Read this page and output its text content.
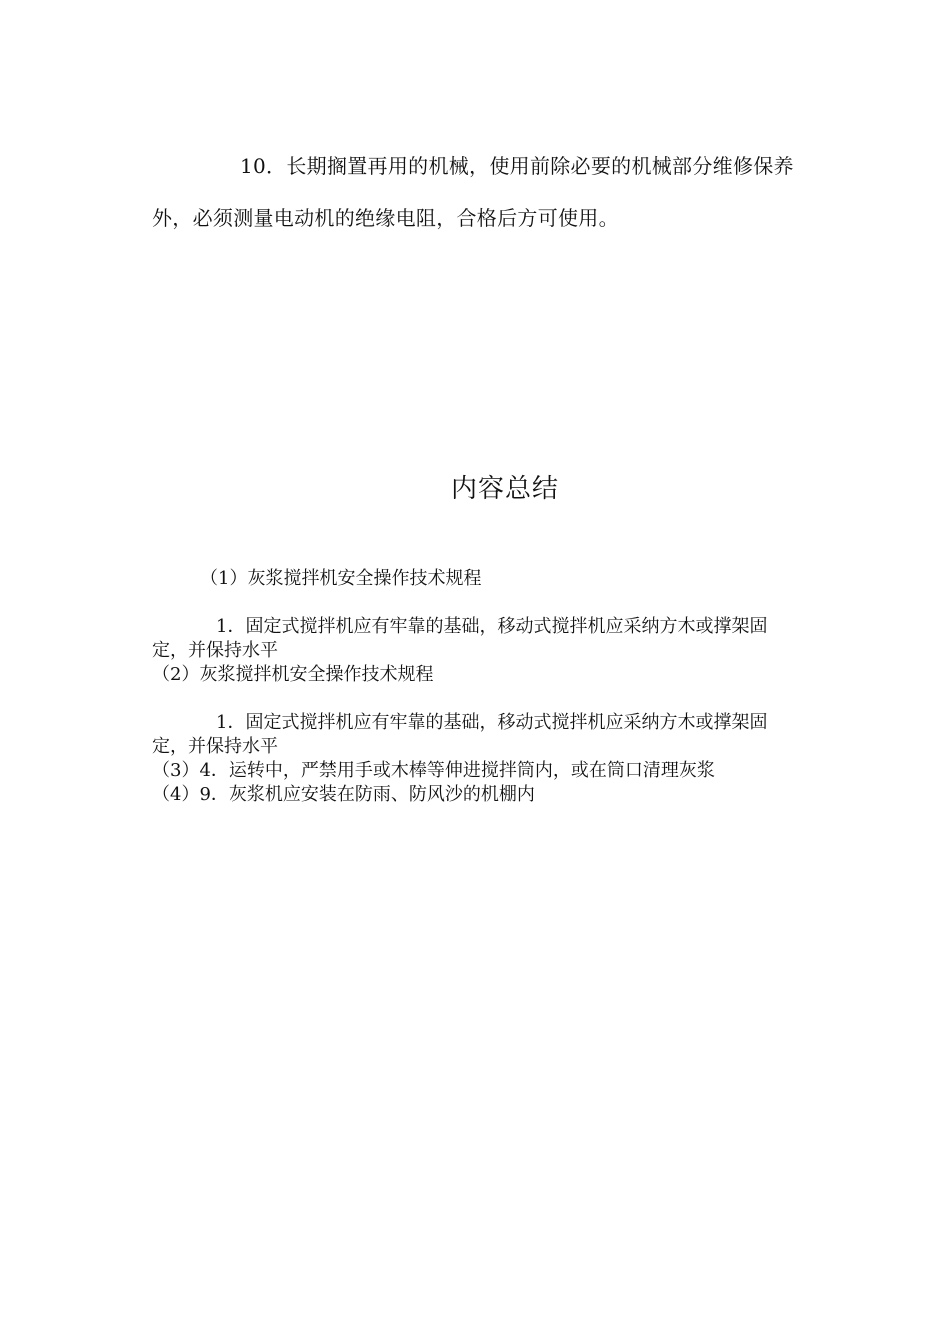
10．长期搁置再用的机械，使用前除必要的机械部分维修保养外，必须测量电动机的绝缘电阻，合格后方可使用。

内容总结
（1）灰浆搅拌机安全操作技术规程
1．固定式搅拌机应有牢靠的基础，移动式搅拌机应采纳方木或撑架固定，并保持水平
（2）灰浆搅拌机安全操作技术规程
1．固定式搅拌机应有牢靠的基础，移动式搅拌机应采纳方木或撑架固定，并保持水平
（3）4．运转中，严禁用手或木棒等伸进搅拌筒内，或在筒口清理灰浆
（4）9．灰浆机应安装在防雨、防风沙的机棚内
